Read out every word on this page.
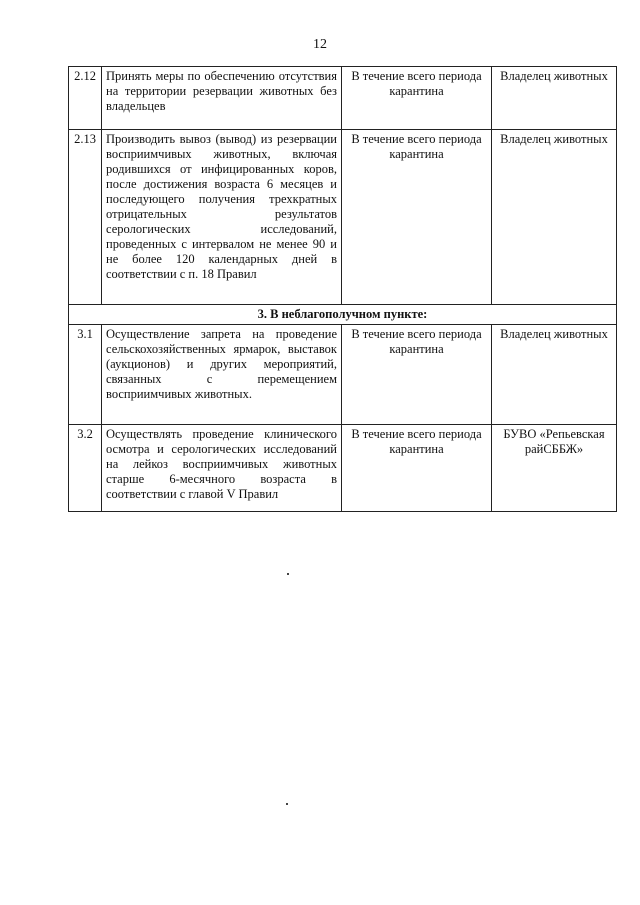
12
2.12	Принять меры по обеспечению отсутствия на территории резервации животных без владельцев	В течение всего периода карантина	Владелец животных
2.13	Производить вывоз (вывод) из резервации восприимчивых животных, включая родившихся от инфицированных коров, после достижения возраста 6 месяцев и последующего получения трехкратных отрицательных результатов серологических исследований, проведенных с интервалом не менее 90 и не более 120 календарных дней в соответствии с п. 18 Правил	В течение всего периода карантина	Владелец животных
3. В неблагополучном пункте:			
3.1	Осуществление запрета на проведение сельскохозяйственных ярмарок, выставок (аукционов) и других мероприятий, связанных с перемещением восприимчивых животных.	В течение всего периода карантина	Владелец животных
3.2	Осуществлять проведение клинического осмотра и серологических исследований на лейкоз восприимчивых животных старше 6-месячного возраста в соответствии с главой V Правил	В течение всего периода карантина	БУВО «Репьевская райСББЖ»
